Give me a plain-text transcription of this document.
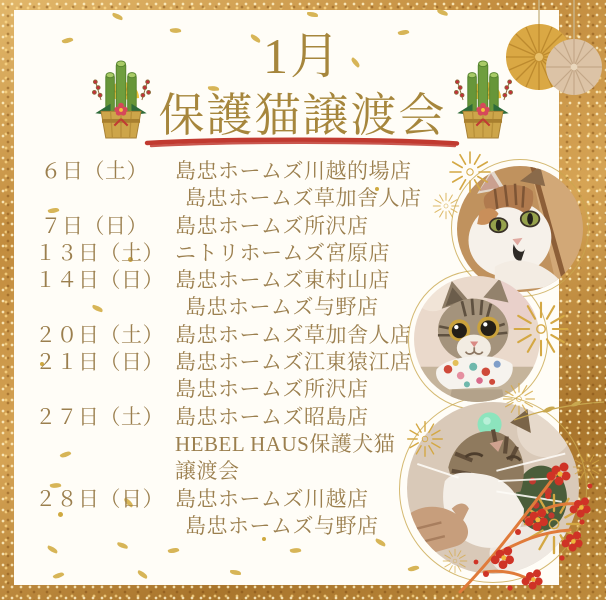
1月
保護猫譲渡会
６日（土） 島忠ホームズ川越的場店
島忠ホームズ草加舎人店
７日（日） 島忠ホームズ所沢店
１３日（土） ニトリホームズ宮原店
１４日（日） 島忠ホームズ東村山店
島忠ホームズ与野店
２０日（土） 島忠ホームズ草加舎人店
２１日（日） 島忠ホームズ江東猿江店
島忠ホームズ所沢店
２７日（土） 島忠ホームズ昭島店
HEBEL HAUS保護犬猫
譲渡会
２８日（日） 島忠ホームズ川越店
島忠ホームズ与野店
